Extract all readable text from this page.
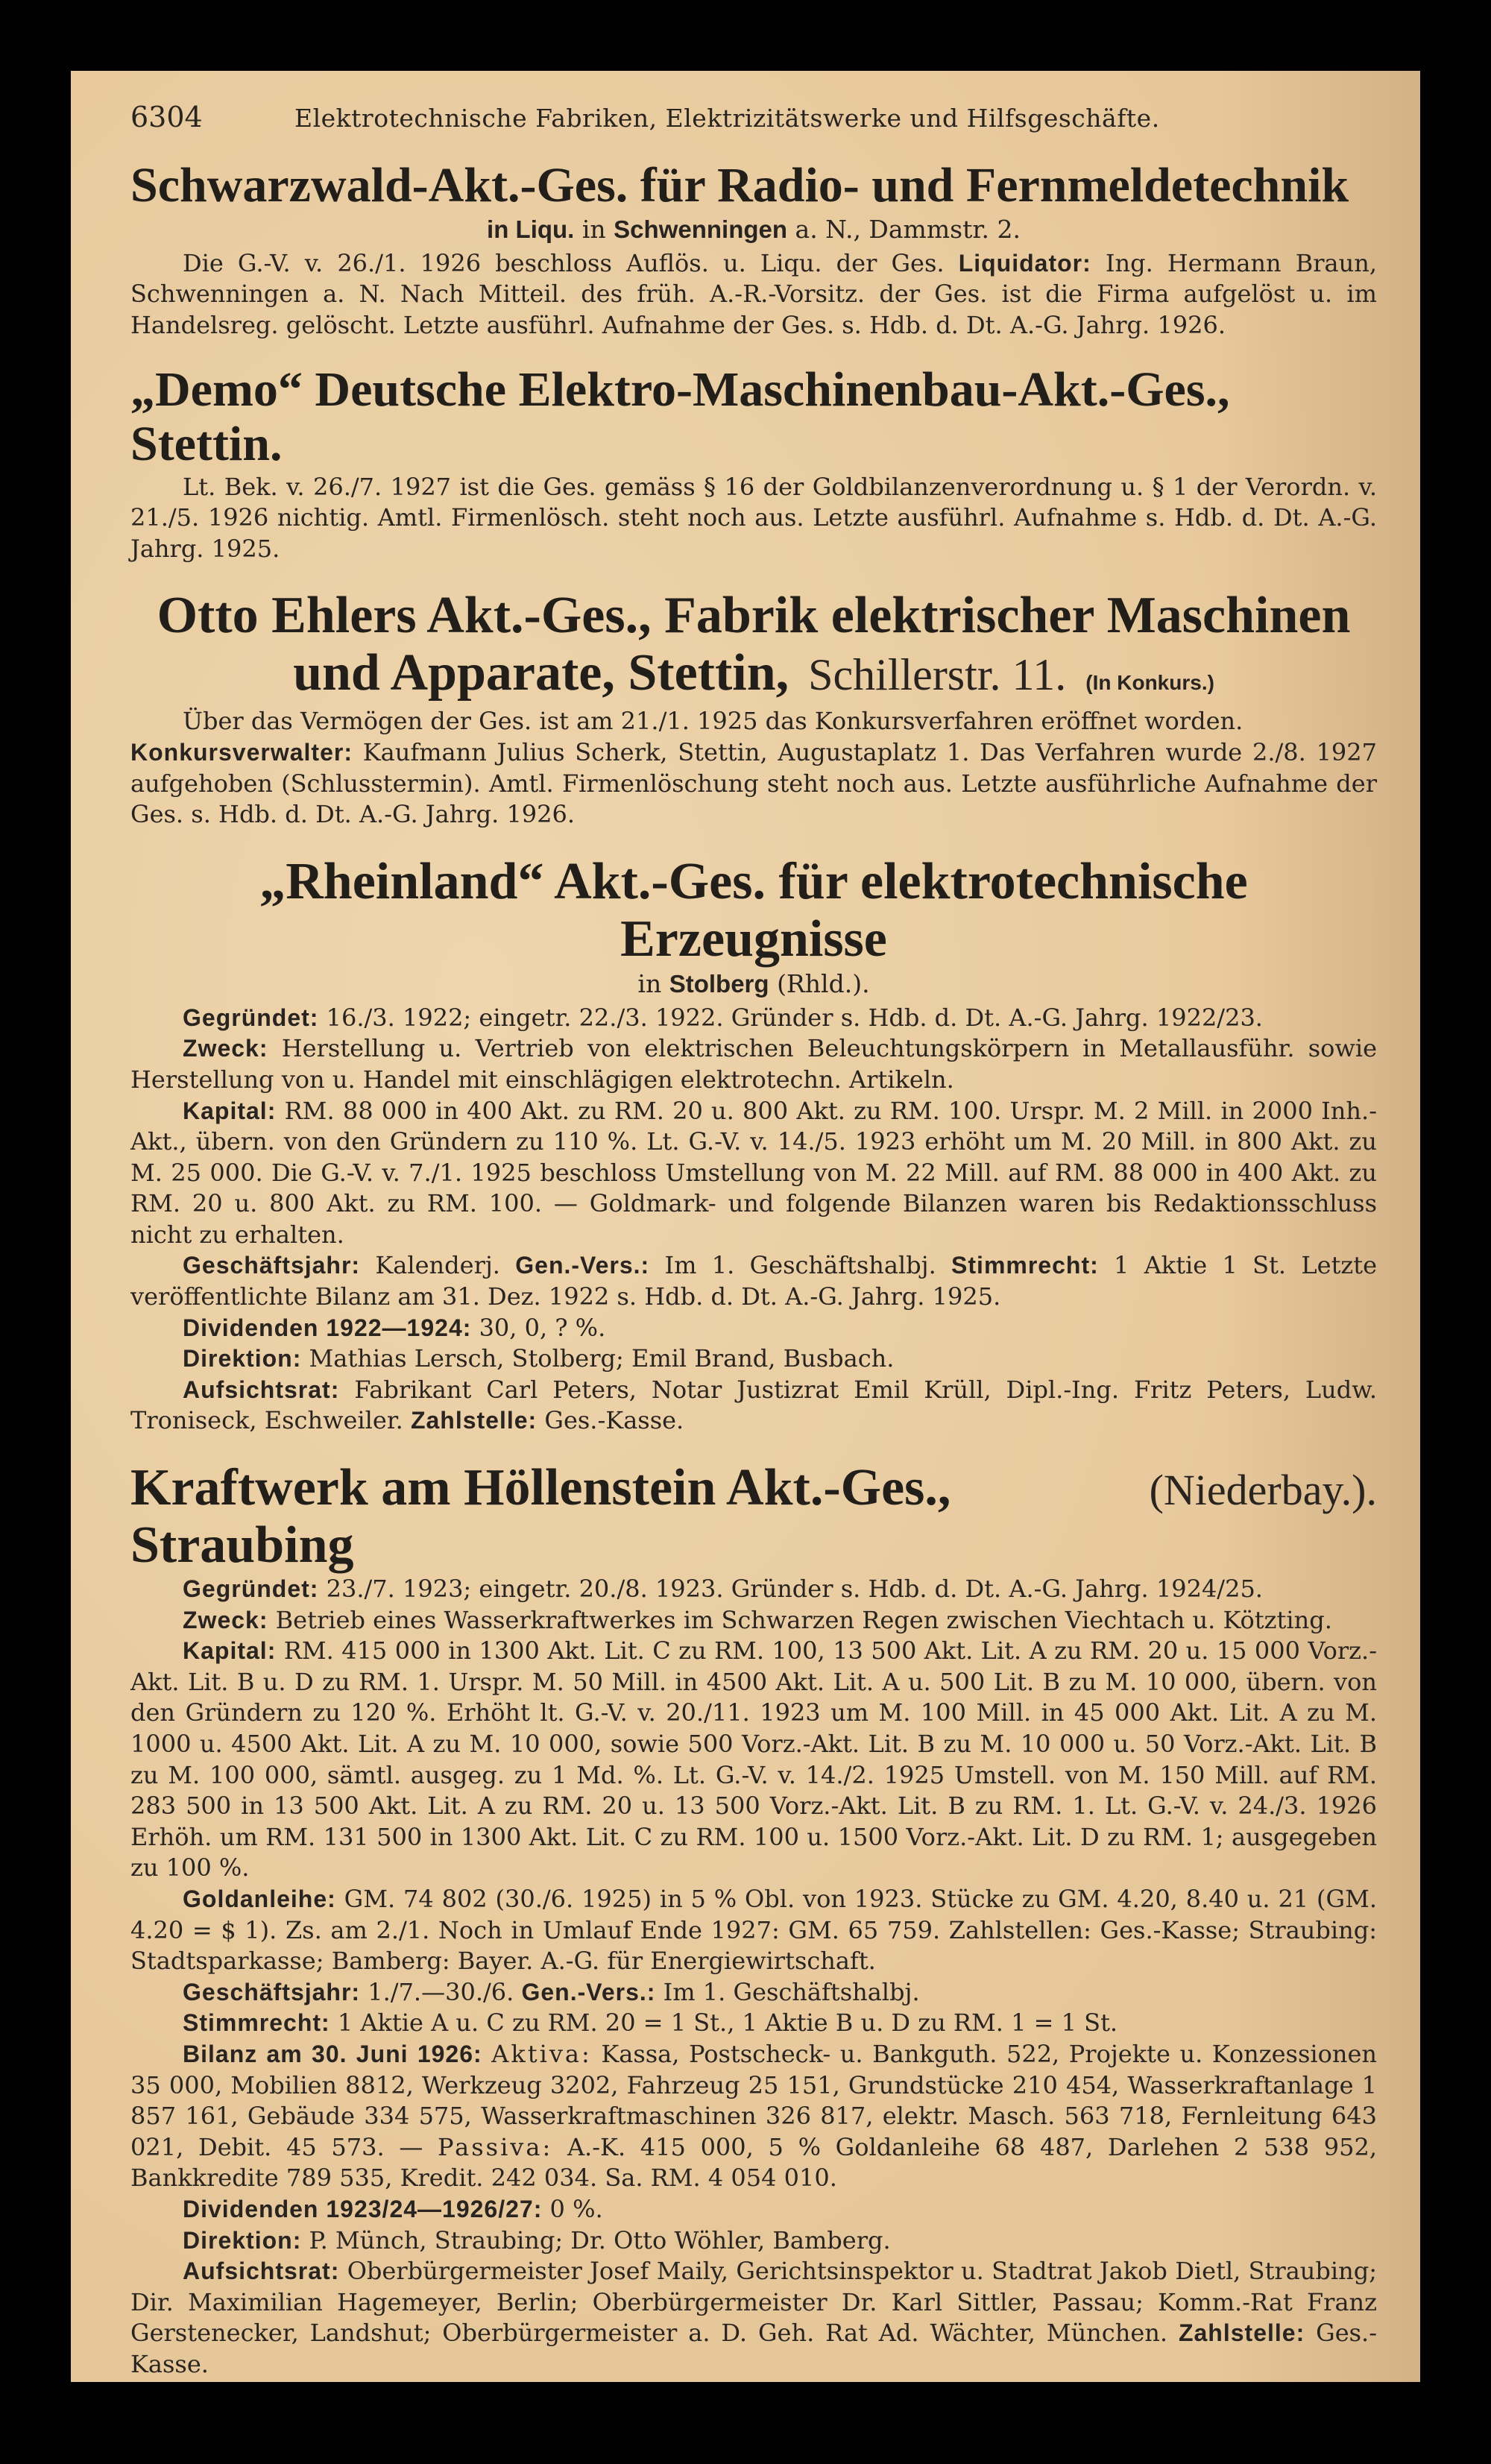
6304	Elektrotechnische Fabriken, Elektrizitätswerke und Hilfsgeschäfte.
Schwarzwald-Akt.-Ges. für Radio- und Fernmeldetechnik
in Liqu. in Schwenningen a. N., Dammstr. 2.

Die G.-V. v. 26./1. 1926 beschloss Auflös. u. Liqu. der Ges. Liquidator: Ing. Hermann Braun, Schwenningen a. N. Nach Mitteil. des früh. A.-R.-Vorsitz. der Ges. ist die Firma aufgelöst u. im Handelsreg. gelöscht. Letzte ausführl. Aufnahme der Ges. s. Hdb. d. Dt. A.-G. Jahrg. 1926.

„Demo“ Deutsche Elektro-Maschinenbau-Akt.-Ges., Stettin.

Lt. Bek. v. 26./7. 1927 ist die Ges. gemäss § 16 der Goldbilanzenverordnung u. § 1 der Verordn. v. 21./5. 1926 nichtig. Amtl. Firmenlösch. steht noch aus. Letzte ausführl. Aufnahme s. Hdb. d. Dt. A.-G. Jahrg. 1925.

Otto Ehlers Akt.-Ges., Fabrik elektrischer Maschinen
und Apparate, Stettin, Schillerstr. 11. (In Konkurs.)

Über das Vermögen der Ges. ist am 21./1. 1925 das Konkursverfahren eröffnet worden.

Konkursverwalter: Kaufmann Julius Scherk, Stettin, Augustaplatz 1. Das Verfahren wurde 2./8. 1927 aufgehoben (Schlusstermin). Amtl. Firmenlöschung steht noch aus. Letzte ausführliche Aufnahme der Ges. s. Hdb. d. Dt. A.-G. Jahrg. 1926.

„Rheinland“ Akt.-Ges. für elektrotechnische Erzeugnisse
in Stolberg (Rhld.).

Gegründet: 16./3. 1922; eingetr. 22./3. 1922. Gründer s. Hdb. d. Dt. A.-G. Jahrg. 1922/23.

Zweck: Herstellung u. Vertrieb von elektrischen Beleuchtungskörpern in Metallausführ. sowie Herstellung von u. Handel mit einschlägigen elektrotechn. Artikeln.

Kapital: RM. 88 000 in 400 Akt. zu RM. 20 u. 800 Akt. zu RM. 100. Urspr. M. 2 Mill. in 2000 Inh.-Akt., übern. von den Gründern zu 110 %. Lt. G.-V. v. 14./5. 1923 erhöht um M. 20 Mill. in 800 Akt. zu M. 25 000. Die G.-V. v. 7./1. 1925 beschloss Umstellung von M. 22 Mill. auf RM. 88 000 in 400 Akt. zu RM. 20 u. 800 Akt. zu RM. 100. — Goldmark- und folgende Bilanzen waren bis Redaktionsschluss nicht zu erhalten.

Geschäftsjahr: Kalenderj. Gen.-Vers.: Im 1. Geschäftshalbj. Stimmrecht: 1 Aktie 1 St. Letzte veröffentlichte Bilanz am 31. Dez. 1922 s. Hdb. d. Dt. A.-G. Jahrg. 1925.

Dividenden 1922—1924: 30, 0, ? %.

Direktion: Mathias Lersch, Stolberg; Emil Brand, Busbach.

Aufsichtsrat: Fabrikant Carl Peters, Notar Justizrat Emil Krüll, Dipl.-Ing. Fritz Peters, Ludw. Troniseck, Eschweiler. Zahlstelle: Ges.-Kasse.

Kraftwerk am Höllenstein Akt.-Ges., Straubing
(Niederbay.).

Gegründet: 23./7. 1923; eingetr. 20./8. 1923. Gründer s. Hdb. d. Dt. A.-G. Jahrg. 1924/25.

Zweck: Betrieb eines Wasserkraftwerkes im Schwarzen Regen zwischen Viechtach u. Kötzting.

Kapital: RM. 415 000 in 1300 Akt. Lit. C zu RM. 100, 13 500 Akt. Lit. A zu RM. 20 u. 15 000 Vorz.-Akt. Lit. B u. D zu RM. 1. Urspr. M. 50 Mill. in 4500 Akt. Lit. A u. 500 Lit. B zu M. 10 000, übern. von den Gründern zu 120 %. Erhöht lt. G.-V. v. 20./11. 1923 um M. 100 Mill. in 45 000 Akt. Lit. A zu M. 1000 u. 4500 Akt. Lit. A zu M. 10 000, sowie 500 Vorz.-Akt. Lit. B zu M. 10 000 u. 50 Vorz.-Akt. Lit. B zu M. 100 000, sämtl. ausgeg. zu 1 Md. %. Lt. G.-V. v. 14./2. 1925 Umstell. von M. 150 Mill. auf RM. 283 500 in 13 500 Akt. Lit. A zu RM. 20 u. 13 500 Vorz.-Akt. Lit. B zu RM. 1. Lt. G.-V. v. 24./3. 1926 Erhöh. um RM. 131 500 in 1300 Akt. Lit. C zu RM. 100 u. 1500 Vorz.-Akt. Lit. D zu RM. 1; ausgegeben zu 100 %.

Goldanleihe: GM. 74 802 (30./6. 1925) in 5 % Obl. von 1923. Stücke zu GM. 4.20, 8.40 u. 21 (GM. 4.20 = $ 1). Zs. am 2./1. Noch in Umlauf Ende 1927: GM. 65 759. Zahlstellen: Ges.-Kasse; Straubing: Stadtsparkasse; Bamberg: Bayer. A.-G. für Energiewirtschaft.

Geschäftsjahr: 1./7.—30./6. Gen.-Vers.: Im 1. Geschäftshalbj.

Stimmrecht: 1 Aktie A u. C zu RM. 20 = 1 St., 1 Aktie B u. D zu RM. 1 = 1 St.

Bilanz am 30. Juni 1926: Aktiva: Kassa, Postscheck- u. Bankguth. 522, Projekte u. Konzessionen 35 000, Mobilien 8812, Werkzeug 3202, Fahrzeug 25 151, Grundstücke 210 454, Wasserkraftanlage 1 857 161, Gebäude 334 575, Wasserkraftmaschinen 326 817, elektr. Masch. 563 718, Fernleitung 643 021, Debit. 45 573. — Passiva: A.-K. 415 000, 5 % Goldanleihe 68 487, Darlehen 2 538 952, Bankkredite 789 535, Kredit. 242 034. Sa. RM. 4 054 010.

Dividenden 1923/24—1926/27: 0 %.

Direktion: P. Münch, Straubing; Dr. Otto Wöhler, Bamberg.

Aufsichtsrat: Oberbürgermeister Josef Maily, Gerichtsinspektor u. Stadtrat Jakob Dietl, Straubing; Dir. Maximilian Hagemeyer, Berlin; Oberbürgermeister Dr. Karl Sittler, Passau; Komm.-Rat Franz Gerstenecker, Landshut; Oberbürgermeister a. D. Geh. Rat Ad. Wächter, München. Zahlstelle: Ges.-Kasse.
